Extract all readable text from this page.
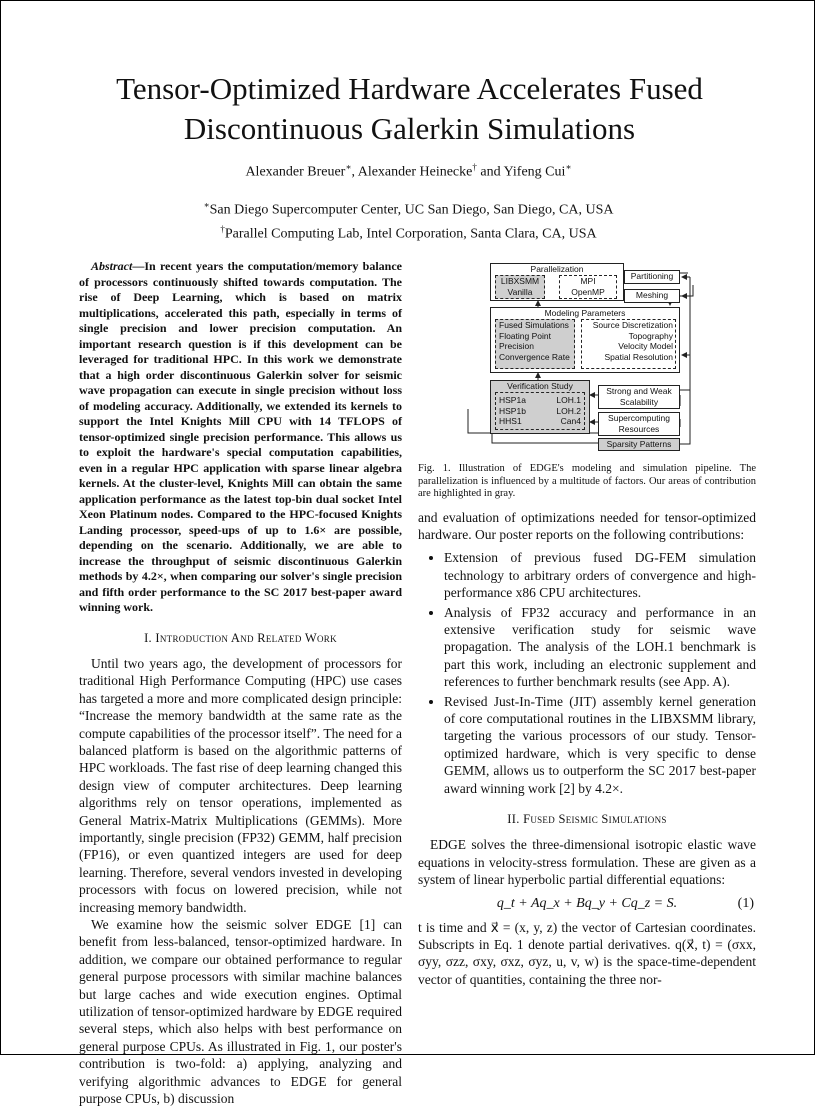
Tensor-Optimized Hardware Accelerates Fused Discontinuous Galerkin Simulations
Alexander Breuer∗, Alexander Heinecke† and Yifeng Cui∗
∗San Diego Supercomputer Center, UC San Diego, San Diego, CA, USA
†Parallel Computing Lab, Intel Corporation, Santa Clara, CA, USA

Abstract—In recent years the computation/memory balance of processors continuously shifted towards computation. The rise of Deep Learning, which is based on matrix multiplications, accelerated this path, especially in terms of single precision and lower precision computation. An important research question is if this development can be leveraged for traditional HPC. In this work we demonstrate that a high order discontinuous Galerkin solver for seismic wave propagation can execute in single precision without loss of modeling accuracy. Additionally, we extended its kernels to support the Intel Knights Mill CPU with 14 TFLOPS of tensor-optimized single precision performance. This allows us to exploit the hardware's special computation capabilities, even in a regular HPC application with sparse linear algebra kernels. At the cluster-level, Knights Mill can obtain the same application performance as the latest top-bin dual socket Intel Xeon Platinum nodes. Compared to the HPC-focused Knights Landing processor, speed-ups of up to 1.6× are possible, depending on the scenario. Additionally, we are able to increase the throughput of seismic discontinuous Galerkin methods by 4.2×, when comparing our solver's single precision and fifth order performance to the SC 2017 best-paper award winning work.

I. Introduction And Related Work

Until two years ago, the development of processors for traditional High Performance Computing (HPC) use cases has targeted a more and more complicated design principle: “Increase the memory bandwidth at the same rate as the compute capabilities of the processor itself”. The need for a balanced platform is based on the algorithmic patterns of HPC workloads. The fast rise of deep learning changed this design view of computer architectures. Deep learning algorithms rely on tensor operations, implemented as General Matrix-Matrix Multiplications (GEMMs). More importantly, single precision (FP32) GEMM, half precision (FP16), or even quantized integers are used for deep learning. Therefore, several vendors invested in developing processors with focus on lowered precision, while not increasing memory bandwidth.

We examine how the seismic solver EDGE [1] can benefit from less-balanced, tensor-optimized hardware. In addition, we compare our obtained performance to regular general purpose processors with similar machine balances but large caches and wide execution engines. Optimal utilization of tensor-optimized hardware by EDGE required several steps, which also helps with best performance on general purpose CPUs. As illustrated in Fig. 1, our poster's contribution is two-fold: a) applying, analyzing and verifying algorithmic advances to EDGE for general purpose CPUs, b) discussion

Parallelization
LIBXSMM
Vanilla
MPI
OpenMP
Partitioning
Meshing
Modeling Parameters
Fused Simulations
Floating Point
Precision
Convergence Rate
Source Discretization
Topography
Velocity Model
Spatial Resolution
Verification Study
HSP1a	LOH.1
HSP1b	LOH.2
HHS1	Can4
Strong and Weak
Scalability
Supercomputing
Resources
Sparsity Patterns

Fig. 1. Illustration of EDGE's modeling and simulation pipeline. The parallelization is influenced by a multitude of factors. Our areas of contribution are highlighted in gray.

and evaluation of optimizations needed for tensor-optimized hardware. Our poster reports on the following contributions:

• Extension of previous fused DG-FEM simulation technology to arbitrary orders of convergence and high-performance x86 CPU architectures.
• Analysis of FP32 accuracy and performance in an extensive verification study for seismic wave propagation. The analysis of the LOH.1 benchmark is part this work, including an electronic supplement and references to further benchmark results (see App. A).
• Revised Just-In-Time (JIT) assembly kernel generation of core computational routines in the LIBXSMM library, targeting the various processors of our study. Tensor-optimized hardware, which is very specific to dense GEMM, allows us to outperform the SC 2017 best-paper award winning work [2] by 4.2×.
II. Fused Seismic Simulations

EDGE solves the three-dimensional isotropic elastic wave equations in velocity-stress formulation. These are given as a system of linear hyperbolic partial differential equations:

q_t + Aq_x + Bq_y + Cq_z = S.	(1)

t is time and x⃗ = (x, y, z) the vector of Cartesian coordinates. Subscripts in Eq. 1 denote partial derivatives. q(x⃗, t) = (σxx, σyy, σzz, σxy, σxz, σyz, u, v, w) is the space-time-dependent vector of quantities, containing the three nor-
